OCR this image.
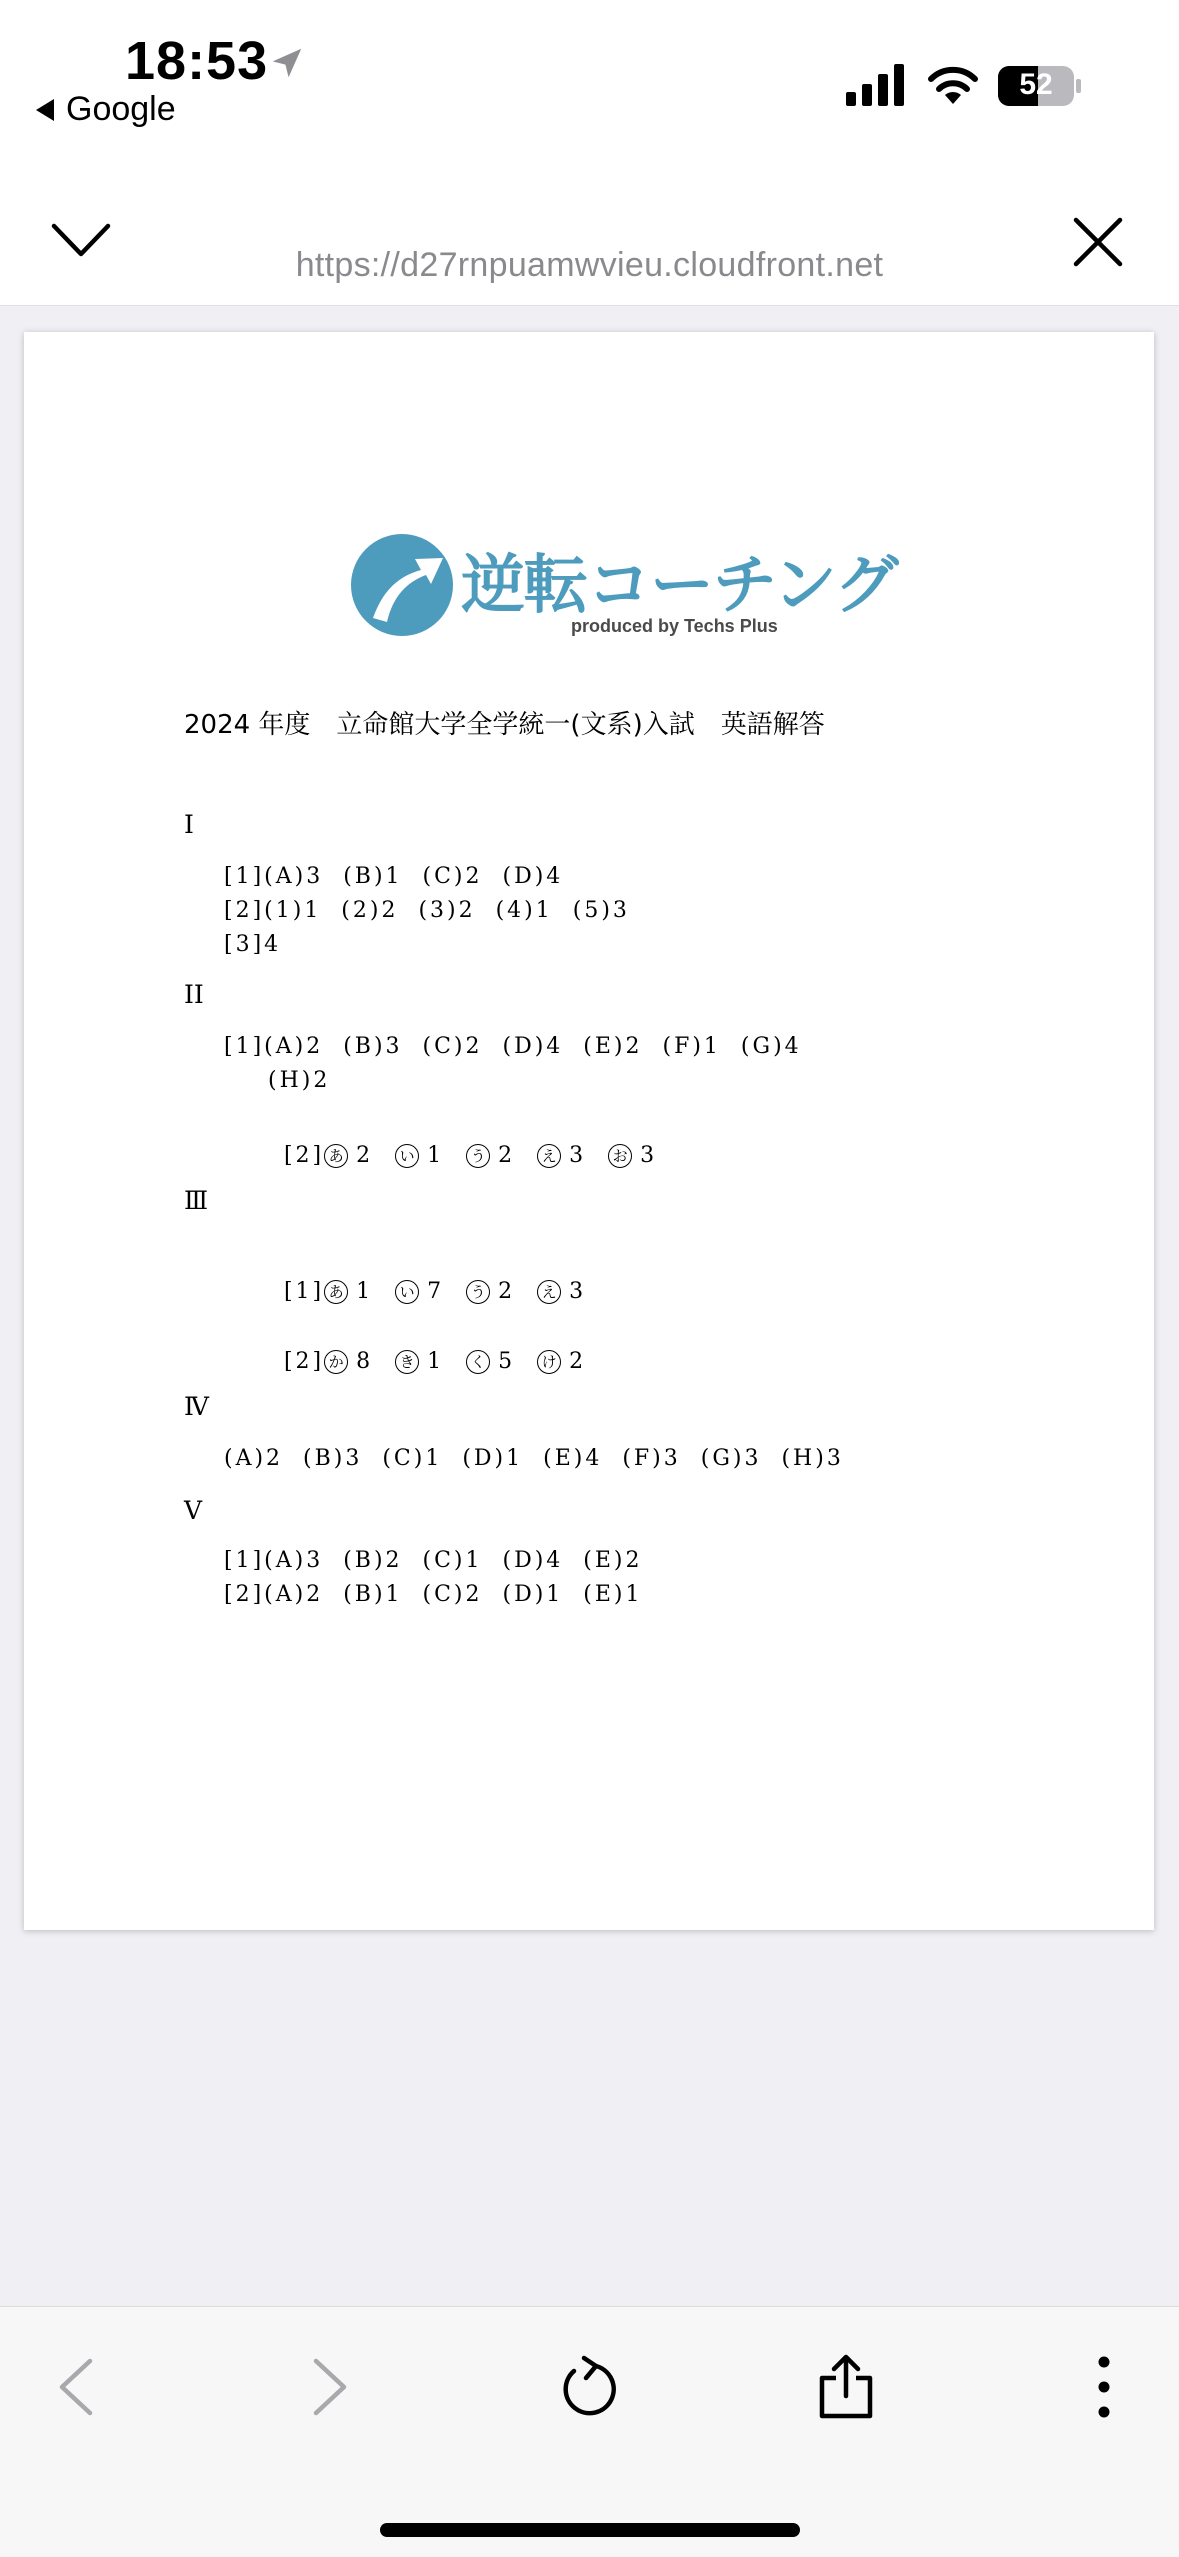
18:53
Google
52
https://d27rnpuamwvieu.cloudfront.net
逆転コーチング
produced by Techs Plus
2024 年度　立命館大学全学統一(文系)入試　英語解答
I
[1](A)3  (B)1  (C)2  (D)4
[2](1)1  (2)2  (3)2  (4)1  (5)3
[3]4
II
[1](A)2  (B)3  (C)2  (D)4  (E)2  (F)1  (G)4
(H)2

[2] あ 2 い 1 う 2 え 3 お 3

Ⅲ

[1] あ 1 い 7 う 2 え 3

[2] か 8 き 1 く 5 け 2

Ⅳ
(A)2  (B)3  (C)1  (D)1  (E)4  (F)3  (G)3  (H)3
V
[1](A)3  (B)2  (C)1  (D)4  (E)2
[2](A)2  (B)1  (C)2  (D)1  (E)1
